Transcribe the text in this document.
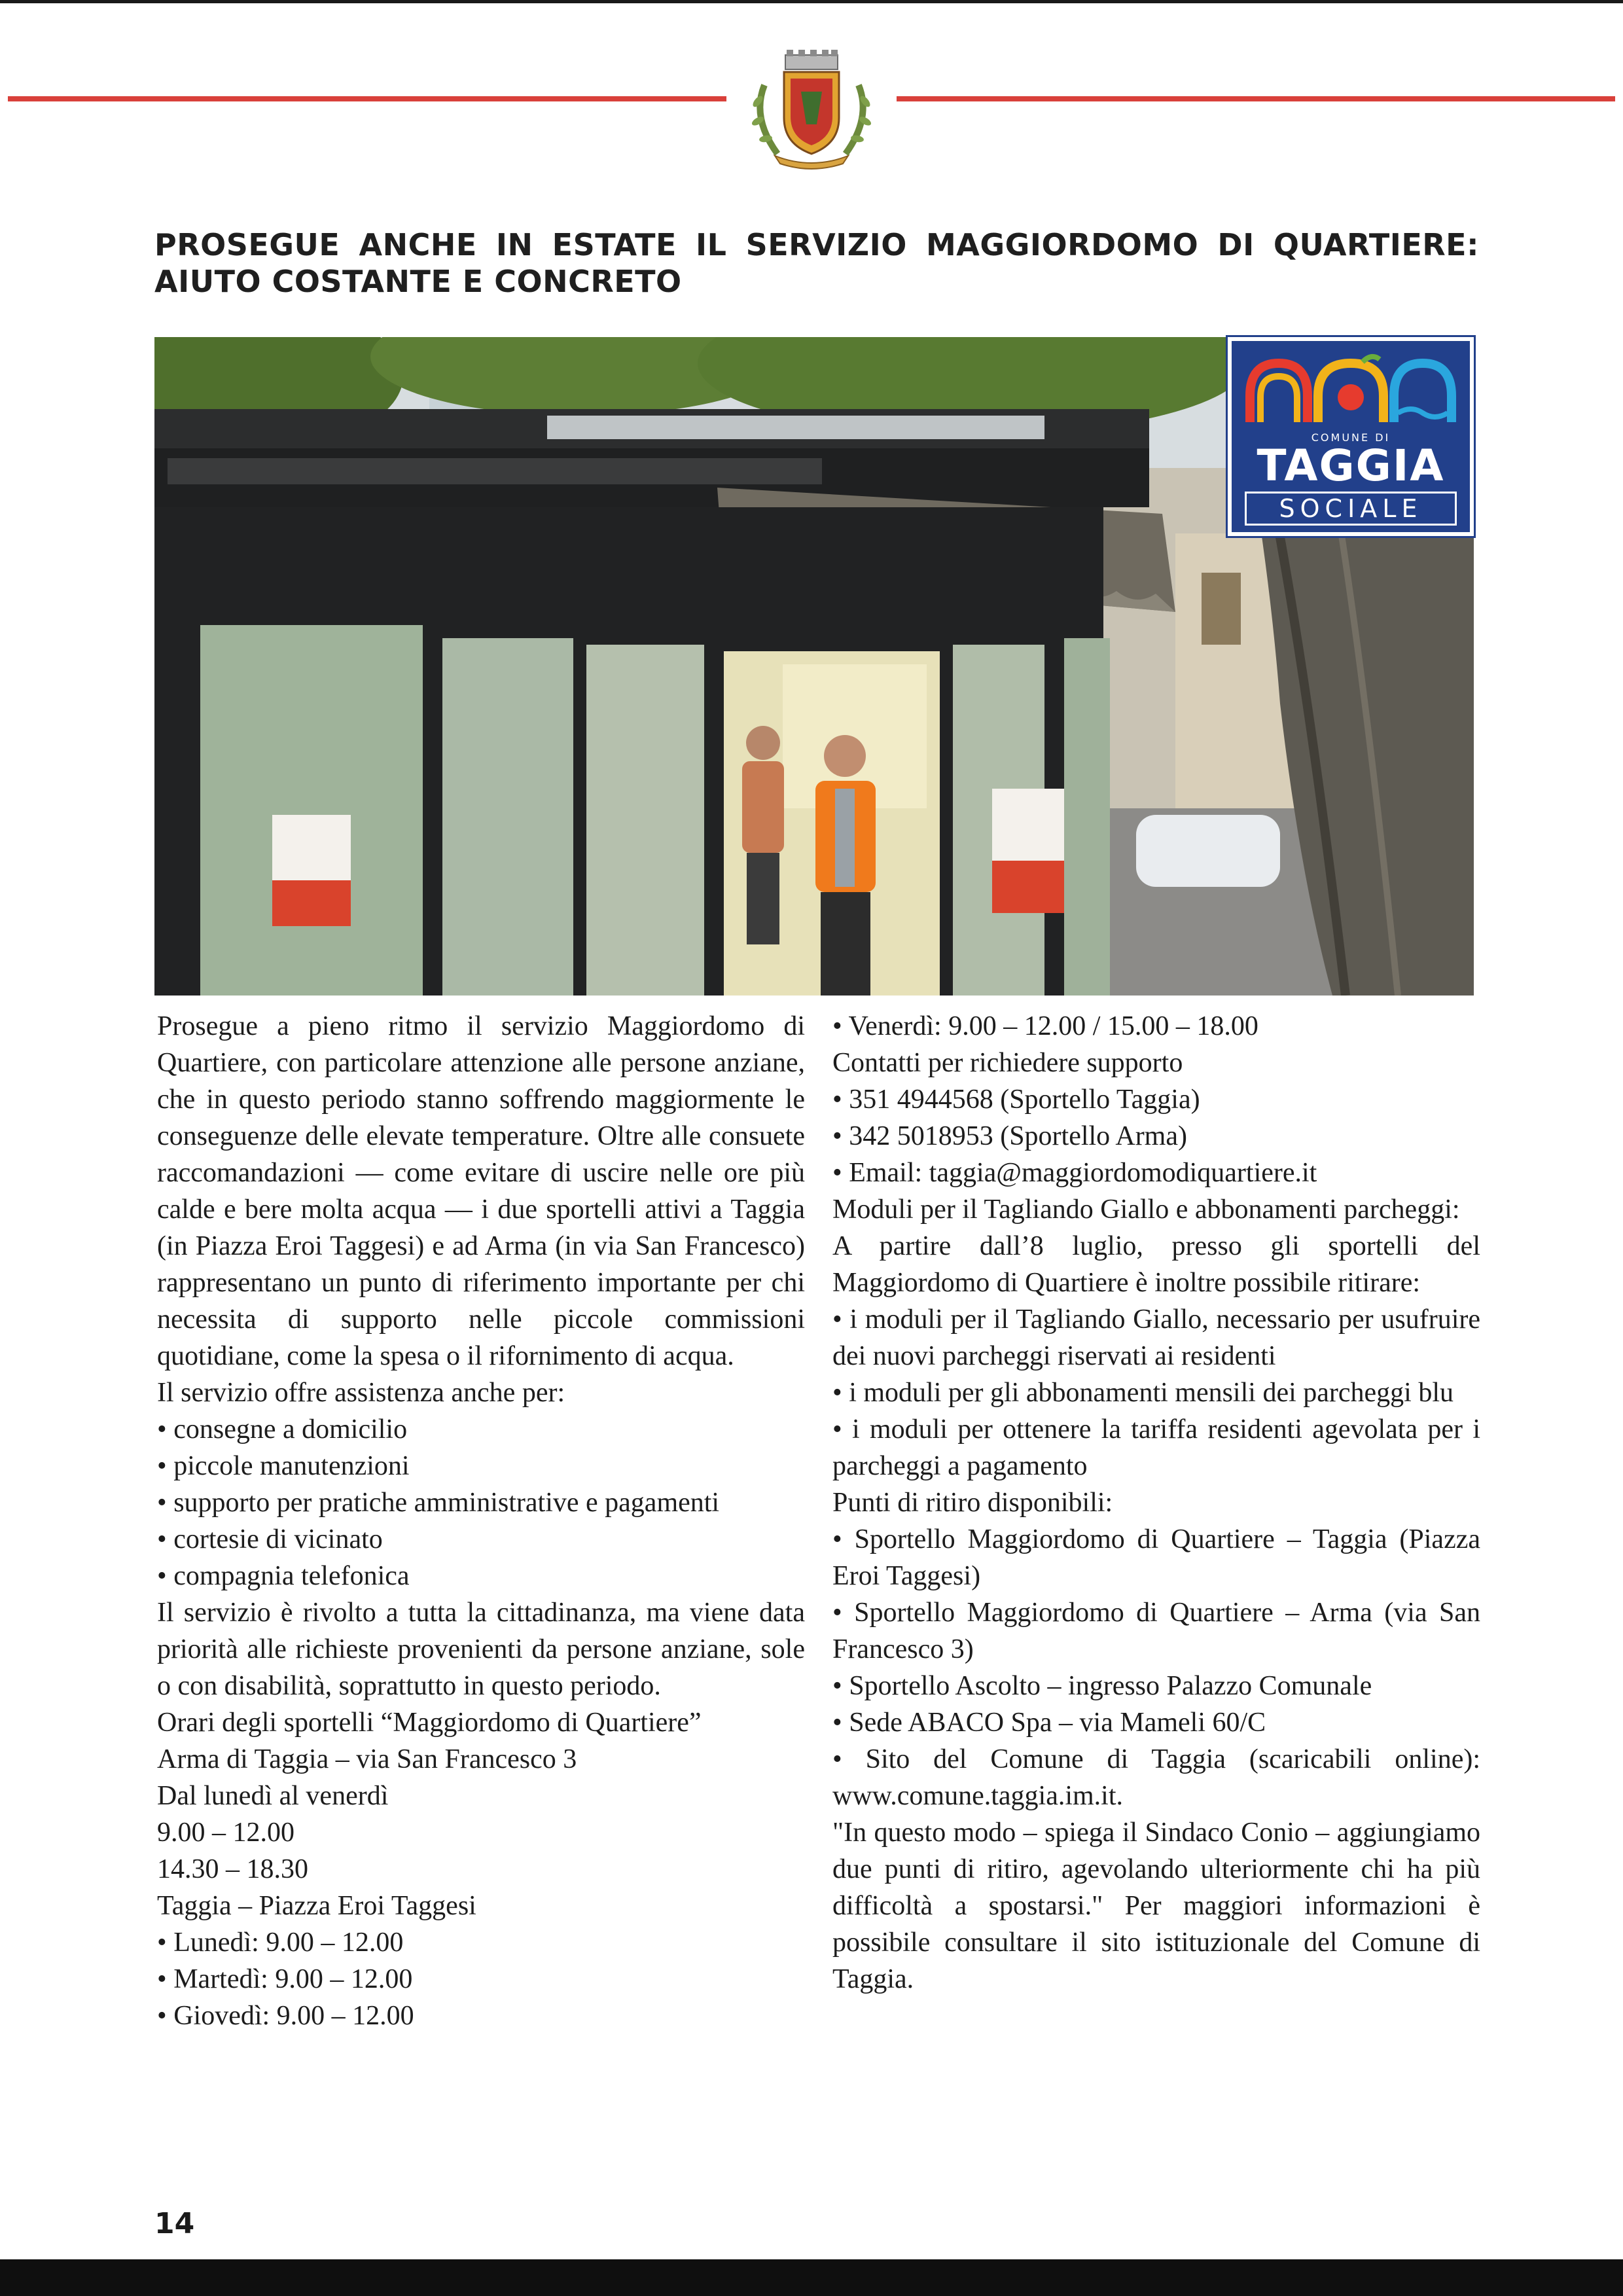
PROSEGUE ANCHE IN ESTATE IL SERVIZIO MAGGIORDOMO DI QUARTIERE: AIUTO COSTANTE E CONCRETO
COMUNE DI
TAGGIA
SOCIALE

Prosegue a pieno ritmo il servizio Maggiordomo di Quartiere, con particolare attenzione alle persone anziane, che in questo periodo stanno soffrendo maggiormente le conseguenze delle elevate temperature. Oltre alle consuete raccomandazioni — come evitare di uscire nelle ore più calde e bere molta acqua — i due sportelli attivi a Taggia (in Piazza Eroi Taggesi) e ad Arma (in via San Francesco) rappresentano un punto di riferimento importante per chi necessita di supporto nelle piccole commissioni quotidiane, come la spesa o il rifornimento di acqua.

Il servizio offre assistenza anche per:

• consegne a domicilio

• piccole manutenzioni

• supporto per pratiche amministrative e pagamenti

• cortesie di vicinato

• compagnia telefonica

Il servizio è rivolto a tutta la cittadinanza, ma viene data priorità alle richieste provenienti da persone anziane, sole o con disabilità, soprattutto in questo periodo.

Orari degli sportelli “Maggiordomo di Quartiere”

Arma di Taggia – via San Francesco 3

Dal lunedì al venerdì

9.00 – 12.00

14.30 – 18.30

Taggia – Piazza Eroi Taggesi

• Lunedì: 9.00 – 12.00

• Martedì: 9.00 – 12.00

• Giovedì: 9.00 – 12.00

• Venerdì: 9.00 – 12.00 / 15.00 – 18.00

Contatti per richiedere supporto

• 351 4944568 (Sportello Taggia)

• 342 5018953 (Sportello Arma)

• Email: taggia@maggiordomodiquartiere.it

Moduli per il Tagliando Giallo e abbonamenti parcheggi:

A partire dall’8 luglio, presso gli sportelli del Maggiordomo di Quartiere è inoltre possibile ritirare:

• i moduli per il Tagliando Giallo, necessario per usufruire dei nuovi parcheggi riservati ai residenti

• i moduli per gli abbonamenti mensili dei parcheggi blu

• i moduli per ottenere la tariffa residenti agevolata per i parcheggi a pagamento

Punti di ritiro disponibili:

• Sportello Maggiordomo di Quartiere – Taggia (Piazza Eroi Taggesi)

• Sportello Maggiordomo di Quartiere – Arma (via San Francesco 3)

• Sportello Ascolto – ingresso Palazzo Comunale

• Sede ABACO Spa – via Mameli 60/C

• Sito del Comune di Taggia (scaricabili online): www.comune.taggia.im.it.

"In questo modo – spiega il Sindaco Conio – aggiungiamo due punti di ritiro, agevolando ulteriormente chi ha più difficoltà a spostarsi." Per maggiori informazioni è possibile consultare il sito istituzionale del Comune di Taggia.

14
